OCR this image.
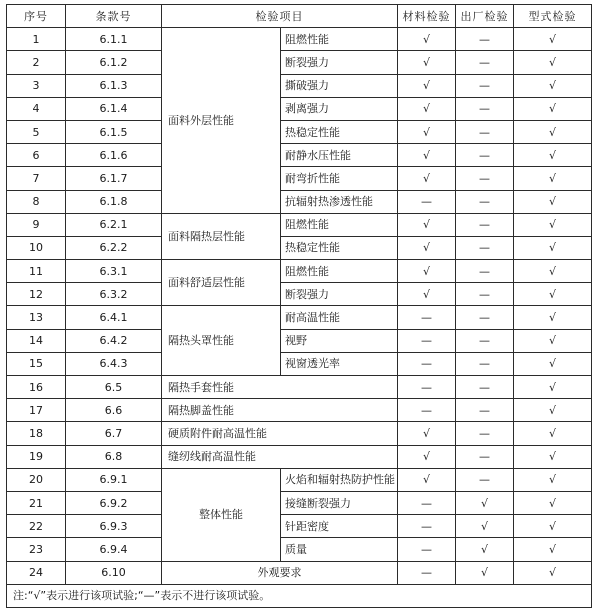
序号	条款号	检验项目		材料检验	出厂检验	型式检验
1	6.1.1	面料外层性能	阻燃性能	√	—	√
2	6.1.2		断裂强力	√	—	√
3	6.1.3		撕破强力	√	—	√
4	6.1.4		剥离强力	√	—	√
5	6.1.5		热稳定性能	√	—	√
6	6.1.6		耐静水压性能	√	—	√
7	6.1.7		耐弯折性能	√	—	√
8	6.1.8		抗辐射热渗透性能	—	—	√
9	6.2.1	面料隔热层性能	阻燃性能	√	—	√
10	6.2.2		热稳定性能	√	—	√
11	6.3.1	面料舒适层性能	阻燃性能	√	—	√
12	6.3.2		断裂强力	√	—	√
13	6.4.1	隔热头罩性能	耐高温性能	—	—	√
14	6.4.2		视野	—	—	√
15	6.4.3		视窗透光率	—	—	√
16	6.5	隔热手套性能		—	—	√
17	6.6	隔热脚盖性能		—	—	√
18	6.7	硬质附件耐高温性能		√	—	√
19	6.8	缝纫线耐高温性能		√	—	√
20	6.9.1	整体性能	火焰和辐射热防护性能	√	—	√
21	6.9.2		接缝断裂强力	—	√	√
22	6.9.3		针距密度	—	√	√
23	6.9.4		质量	—	√	√
24	6.10	外观要求		—	√	√
注:“√”表示进行该项试验;“—”表示不进行该项试验。						
